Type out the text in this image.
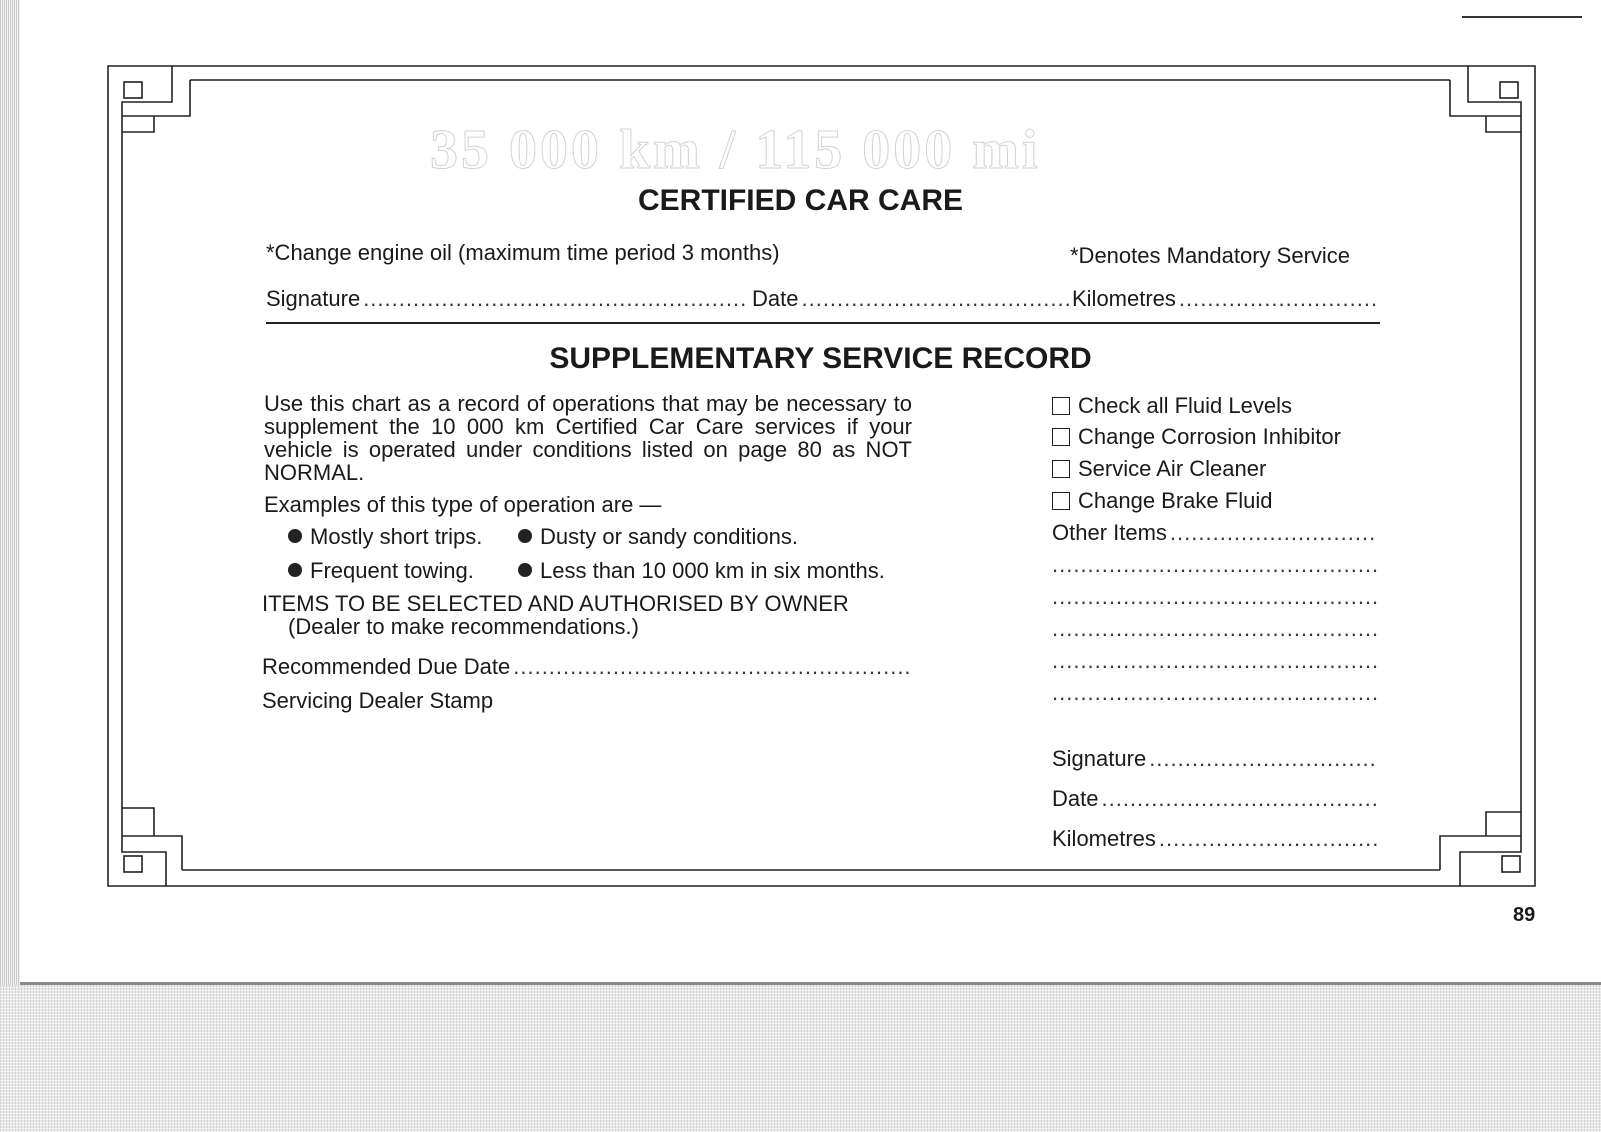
35 000 km / 115 000 mi
CERTIFIED CAR CARE
*Change engine oil (maximum time period 3 months)	*Denotes Mandatory Service
Signature .....	Date .....	Kilometres
.....
SUPPLEMENTARY SERVICE RECORD
Use this chart as a record of operations that may be necessary to supplement the 10 000 km Certified Car Care services if your vehicle is operated under conditions listed on page 80 as NOT NORMAL.
Examples of this type of operation are —
Mostly short trips.	Dusty or sandy conditions.
Frequent towing.	Less than 10 000 km in six months.
ITEMS TO BE SELECTED AND AUTHORISED BY OWNER
(Dealer to make recommendations.)
Recommended Due Date
.....
Servicing Dealer Stamp
Check all Fluid Levels
Change Corrosion Inhibitor
Service Air Cleaner
Change Brake Fluid
Other Items
.....
.....
.....
.....
.....
.....
Signature
.....
Date
.....
Kilometres
.....
89
